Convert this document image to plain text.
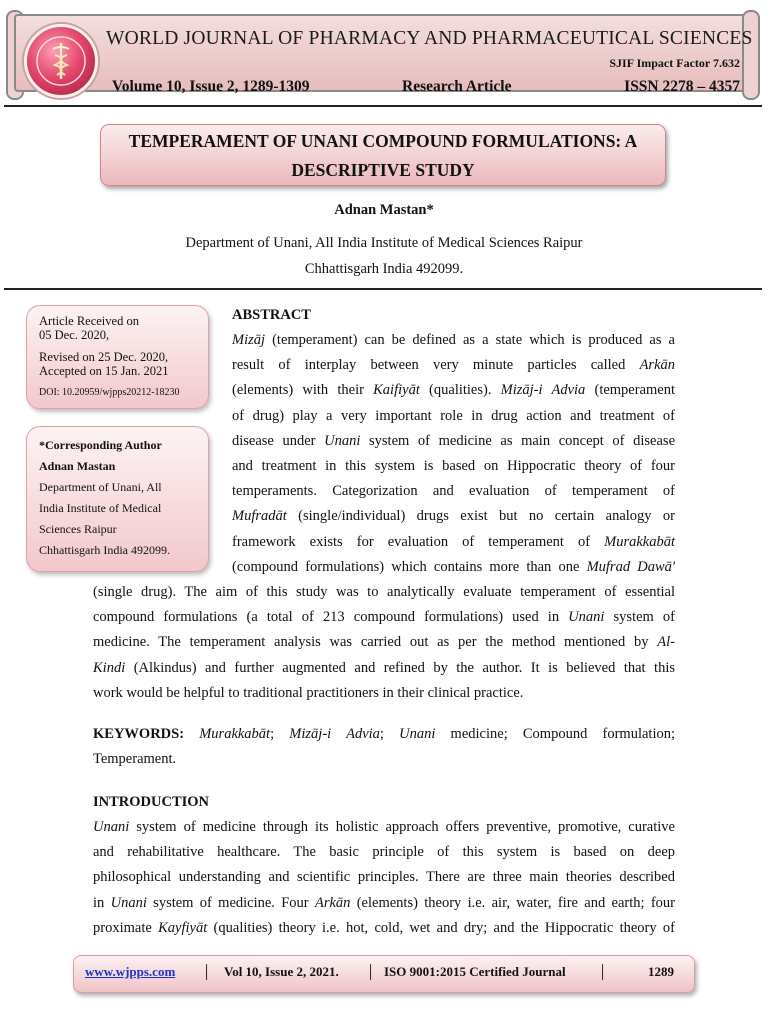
WORLD JOURNAL OF PHARMACY AND PHARMACEUTICAL SCIENCES
SJIF Impact Factor 7.632
Volume 10, Issue 2, 1289-1309	Research Article	ISSN 2278 – 4357
TEMPERAMENT OF UNANI COMPOUND FORMULATIONS: A
DESCRIPTIVE STUDY
Adnan Mastan*
Department of Unani, All India Institute of Medical Sciences Raipur
Chhattisgarh India 492099.

Article Received on

05 Dec. 2020,

Revised on 25 Dec. 2020,

Accepted on 15 Jan. 2021

DOI: 10.20959/wjpps20212-18230

*Corresponding Author

Adnan Mastan

Department of Unani, All

India Institute of Medical

Sciences Raipur

Chhattisgarh India 492099.

ABSTRACT
Mizāj (temperament) can be defined as a state which is produced as a
result of interplay between very minute particles called Arkān
(elements) with their Kaifiyāt (qualities). Mizāj-i Advia (temperament
of drug) play a very important role in drug action and treatment of
disease under Unani system of medicine as main concept of disease
and treatment in this system is based on Hippocratic theory of four
temperaments. Categorization and evaluation of temperament of
Mufradāt (single/individual) drugs exist but no certain analogy or
framework exists for evaluation of temperament of Murakkabāt
(compound formulations) which contains more than one Mufrad Dawā'
(single drug). The aim of this study was to analytically evaluate temperament of essential
compound formulations (a total of 213 compound formulations) used in Unani system of
medicine. The temperament analysis was carried out as per the method mentioned by Al-
Kindi (Alkindus) and further augmented and refined by the author. It is believed that this
work would be helpful to traditional practitioners in their clinical practice.
KEYWORDS: Murakkabāt; Mizāj-i Advia; Unani medicine; Compound formulation;
Temperament.
INTRODUCTION
Unani system of medicine through its holistic approach offers preventive, promotive, curative
and rehabilitative healthcare. The basic principle of this system is based on deep
philosophical understanding and scientific principles. There are three main theories described
in Unani system of medicine. Four Arkān (elements) theory i.e. air, water, fire and earth; four
proximate Kayfiyāt (qualities) theory i.e. hot, cold, wet and dry; and the Hippocratic theory of
www.wjpps.com │ Vol 10, Issue 2, 2021. │ ISO 9001:2015 Certified Journal │	1289
